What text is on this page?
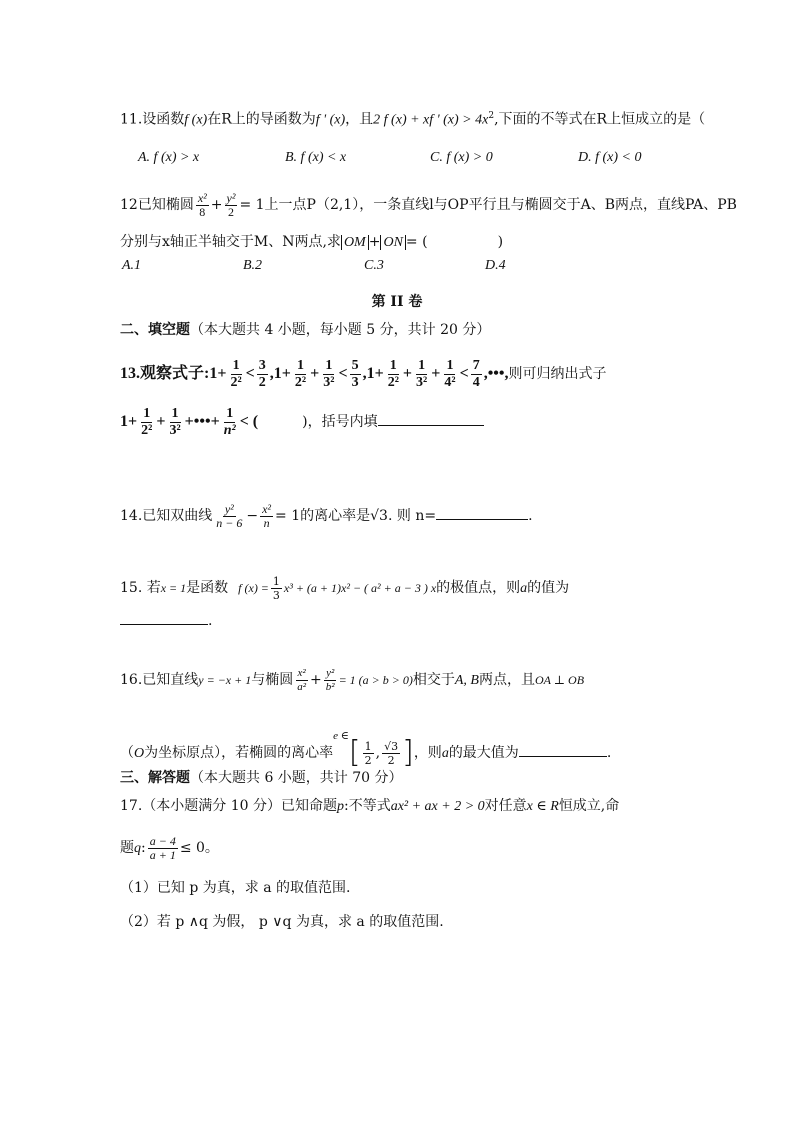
11.设函数f (x)在R上的导函数为f ' (x)，且2 f (x) + xf ' $(x) > 4x^2$,下面的不等式在R上恒成立的是（
A. f (x) > x	B. f (x) < x	C. f (x) > 0	D. f (x) < 0
12已知椭圆 $\frac{\text{x²}}{8} + \frac{\text{y²}}{2} = 1$上一点P（2,1），一条直线l与OP平行且与椭圆交于A、B两点，直线PA、PB
分别与x轴正半轴交于M、N两点,求 OM + ON = (	)
A.1	B.2	C.3	D.4
第 II 卷
二、填空题（本大题共 4 小题，每小题 5 分，共计 20 分）
13.观察式子:1+ $\frac{1}{\text{2²}} < \frac{3}{2} ,1+ \frac{1}{\text{2²}} + \frac{1}{\text{3²}} < \frac{5}{3} ,1+ \frac{1}{\text{2²}} + \frac{1}{\text{3²}} + \frac{1}{\text{4²}} < \frac{7}{4}$ ,•••,则可归纳出式子
$1+ \frac{1}{\text{2²}} + \frac{1}{\text{3²}}$ +•••+ $\frac{1}{\text{n²}}$ < (	)，括号内填
14.已知双曲线 $\frac{\text{y²}}{n - 6} - \frac{\text{x²}}{n} = 1$的离心率是√3. 则 n=	.
15. 若x = 1是函数 f $(x) = \frac{1}{3} x^3 + (a + 1)x^2$ − ( a² + a − 3 ) x的极值点，则a的值为
.
16.已知直线y = −x + 1与椭圆 $\frac{\text{x²}}{\text{a²}} + \frac{\text{y²}}{\text{b²}} = 1$ (a > b > 0)相交于A, B两点，且OA ⊥ OB
（O为坐标原点），若椭圆的离心率$^{e \in}$ [ $\frac{1}{2}$ , $\frac{√3}{2}$ ] ，则a的最大值为	.
三、解答题（本大题共 6 小题，共计 70 分）
17.（本小题满分 10 分）已知命题p:不等式ax² + ax + 2 > 0对任意x ∈ R恒成立,命
题q: $\frac{a - 4}{a + 1} \le 0$。
（1）已知 p 为真，求 a 的取值范围.
（2）若 p ∧q 为假， p ∨q 为真，求 a 的取值范围.
